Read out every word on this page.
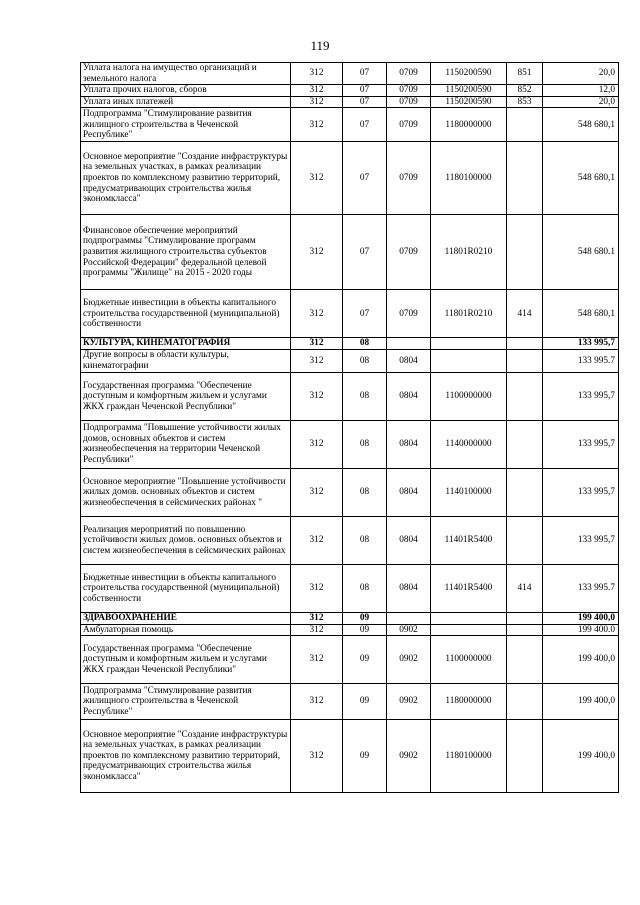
119
Уплата налога на имущество организаций и земельного налога	312	07	0709	1150200590	851	20,0
Уплата прочих налогов, сборов	312	07	0709	1150200590	852	12,0
Уплата иных платежей	312	07	0709	1150200590	853	20,0
Подпрограмма "Стимулирование развития жилищного строительства в Чеченской Республике"	312	07	0709	1180000000		548 680,1
Основное мероприятие "Создание инфраструктуры на земельных участках, в рамках реализации проектов по комплексному развитию территорий, предусматривающих строительства жилья экономкласса"	312	07	0709	1180100000		548 680,1
Финансовое обеспечение мероприятий подпрограммы "Стимулирование программ развития жилищного строительства субъектов Российской Федерации" федеральной целевой программы "Жилище" на 2015 - 2020 годы	312	07	0709	11801R0210		548 680.1
Бюджетные инвестиции в объекты капитального строительства государственной (муниципальной) собственности	312	07	0709	11801R0210	414	548 680,1
КУЛЬТУРА, КИНЕМАТОГРАФИЯ	312	08				133 995,7
Другие вопросы в области культуры, кинематографии	312	08	0804			133 995.7
Государственная программа "Обеспечение доступным и комфортным жильем и услугами ЖКХ граждан Чеченской Республики"	312	08	0804	1100000000		133 995,7
Подпрограмма "Повышение устойчивости жилых домов, основных объектов и систем жизнеобеспечения на территории Чеченской Республики"	312	08	0804	1140000000		133 995,7
Основное мероприятие "Повышение устойчивости жилых домов. основных объектов и систем жизнеобеспечения в сейсмических районах "	312	08	0804	1140100000		133 995,7
Реализация мероприятий по повышению устойчивости жилых домов. основных объектов и систем жизнеобеспечения в сейсмических районах	312	08	0804	11401R5400		133 995,7
Бюджетные инвестиции в объекты капитального строительства государственной (муниципальной) собственности	312	08	0804	11401R5400	414	133 995.7
ЗДРАВООХРАНЕНИЕ	312	09				199 400,0
Амбулаторная помощь	312	09	0902			199 400.0
Государственная программа "Обеспечение доступным и комфортным жильем и услугами ЖКХ граждан Чеченской Республики"	312	09	0902	1100000000		199 400,0
Подпрограмма "Стимулирование развития жилищного строительства в Чеченской Республике"	312	09	0902	1180000000		199 400,0
Основное мероприятие "Создание инфраструктуры на земельных участках, в рамках реализации проектов по комплексному развитию территорий, предусматривающих строительства жилья экономкласса"	312	09	0902	1180100000		199 400,0
